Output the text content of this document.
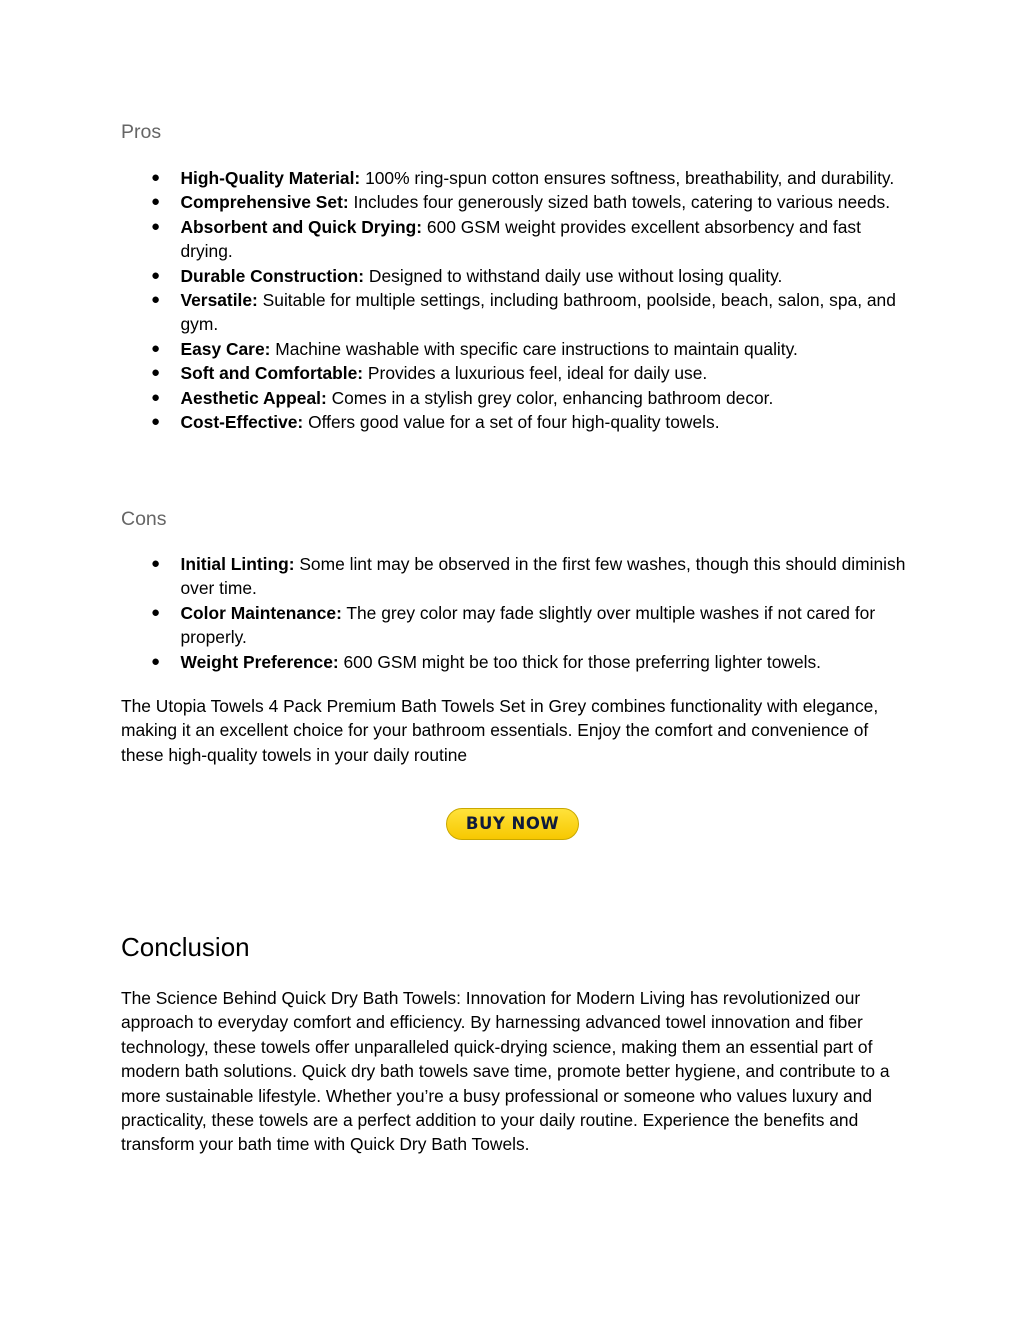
Pros
● High-Quality Material: 100% ring-spun cotton ensures softness, breathability, and durability.
● Comprehensive Set: Includes four generously sized bath towels, catering to various needs.
● Absorbent and Quick Drying: 600 GSM weight provides excellent absorbency and fast drying.
● Durable Construction: Designed to withstand daily use without losing quality.
● Versatile: Suitable for multiple settings, including bathroom, poolside, beach, salon, spa, and gym.
● Easy Care: Machine washable with specific care instructions to maintain quality.
● Soft and Comfortable: Provides a luxurious feel, ideal for daily use.
● Aesthetic Appeal: Comes in a stylish grey color, enhancing bathroom decor.
● Cost-Effective: Offers good value for a set of four high-quality towels.
Cons
● Initial Linting: Some lint may be observed in the first few washes, though this should diminish over time.
● Color Maintenance: The grey color may fade slightly over multiple washes if not cared for properly.
● Weight Preference: 600 GSM might be too thick for those preferring lighter towels.

The Utopia Towels 4 Pack Premium Bath Towels Set in Grey combines functionality with elegance, making it an excellent choice for your bathroom essentials. Enjoy the comfort and convenience of these high-quality towels in your daily routine

BUY NOW
Conclusion

The Science Behind Quick Dry Bath Towels: Innovation for Modern Living has revolutionized our approach to everyday comfort and efficiency. By harnessing advanced towel innovation and fiber technology, these towels offer unparalleled quick-drying science, making them an essential part of modern bath solutions. Quick dry bath towels save time, promote better hygiene, and contribute to a more sustainable lifestyle. Whether you’re a busy professional or someone who values luxury and practicality, these towels are a perfect addition to your daily routine. Experience the benefits and transform your bath time with Quick Dry Bath Towels.
